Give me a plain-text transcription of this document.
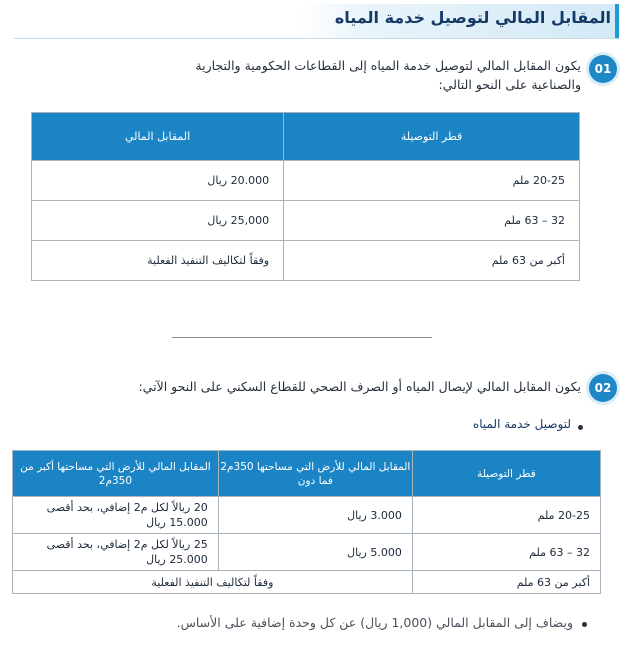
المقابل المالي لتوصيل خدمة المياه
01
يكون المقابل المالي لتوصيل خدمة المياه إلى القطاعات الحكومية والتجارية
والصناعية على النحو التالي:
قطر التوصيلة	المقابل المالي
20-25 ملم	20.000 ريال
32 – 63 ملم	25,000 ريال
أكبر من 63 ملم	وفقاً لتكاليف التنفيذ الفعلية
02
يكون المقابل المالي لإيصال المياه أو الصرف الصحي للقطاع السكني على النحو الآتي:
لتوصيل خدمة المياه
قطر التوصيلة	المقابل المالي للأرض التي مساحتها 350م2 فما دون	المقابل المالي للأرض التي مساحتها أكبر من 350م2
20-25 ملم	3.000 ريال	20 ريالاً لكل م2 إضافي، بحد أقصى 15.000 ريال
32 – 63 ملم	5.000 ريال	25 ريالاً لكل م2 إضافي، بحد أقصى 25.000 ريال
أكبر من 63 ملم	وفقاً لتكاليف التنفيذ الفعلية	
ويضاف إلى المقابل المالي (1,000 ريال) عن كل وحدة إضافية على الأساس.
